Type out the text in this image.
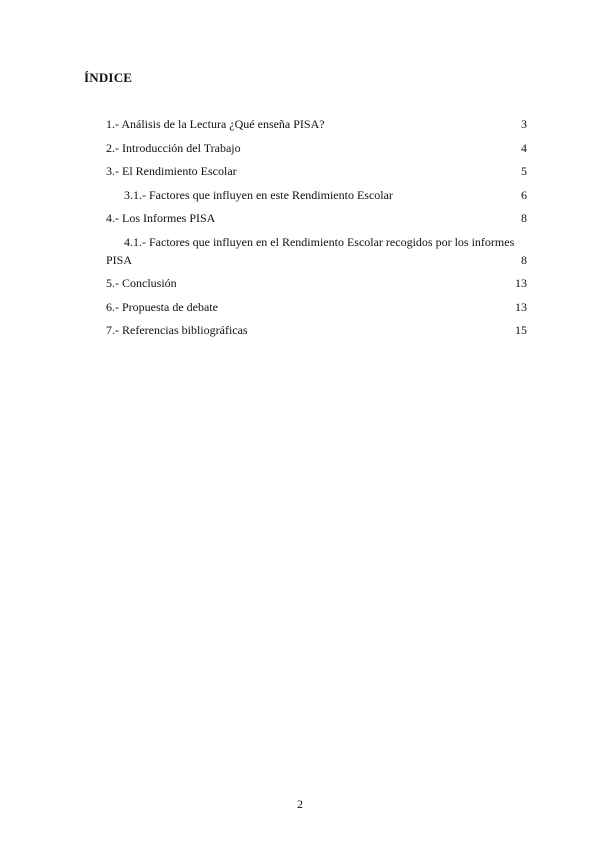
ÍNDICE
1.- Análisis de la Lectura ¿Qué enseña PISA?	3
2.- Introducción del Trabajo	4
3.- El Rendimiento Escolar	5
3.1.- Factores que influyen en este Rendimiento Escolar	6
4.- Los Informes PISA	8
4.1.- Factores que influyen en el Rendimiento Escolar recogidos por los informes
PISA	8
5.- Conclusión	13
6.- Propuesta de debate	13
7.- Referencias bibliográficas	15
2
